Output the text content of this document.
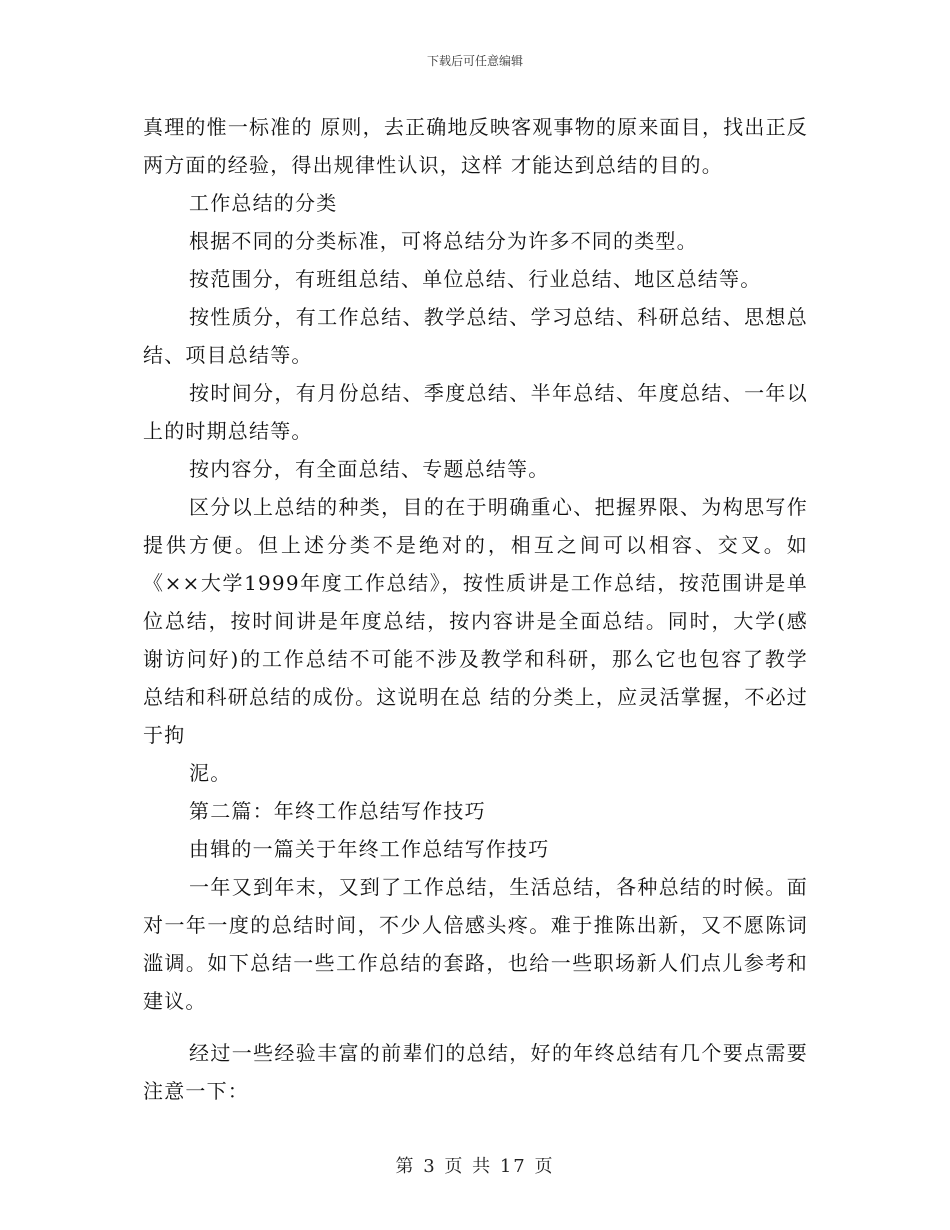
下载后可任意编辑

真理的惟一标准的 原则，去正确地反映客观事物的原来面目，找出正反两方面的经验，得出规律性认识，这样 才能达到总结的目的。

工作总结的分类

根据不同的分类标准，可将总结分为许多不同的类型。

按范围分，有班组总结、单位总结、行业总结、地区总结等。

按性质分，有工作总结、教学总结、学习总结、科研总结、思想总结、项目总结等。

按时间分，有月份总结、季度总结、半年总结、年度总结、一年以上的时期总结等。

按内容分，有全面总结、专题总结等。

区分以上总结的种类，目的在于明确重心、把握界限、为构思写作提供方便。但上述分类不是绝对的，相互之间可以相容、交叉。如《××大学1999年度工作总结》，按性质讲是工作总结，按范围讲是单位总结，按时间讲是年度总结，按内容讲是全面总结。同时，大学(感谢访问好)的工作总结不可能不涉及教学和科研，那么它也包容了教学总结和科研总结的成份。这说明在总 结的分类上，应灵活掌握，不必过于拘

泥。

第二篇：年终工作总结写作技巧

由辑的一篇关于年终工作总结写作技巧

一年又到年末，又到了工作总结，生活总结，各种总结的时候。面对一年一度的总结时间，不少人倍感头疼。难于推陈出新，又不愿陈词滥调。如下总结一些工作总结的套路，也给一些职场新人们点儿参考和建议。

经过一些经验丰富的前辈们的总结，好的年终总结有几个要点需要注意一下：

第 3 页 共 17 页
